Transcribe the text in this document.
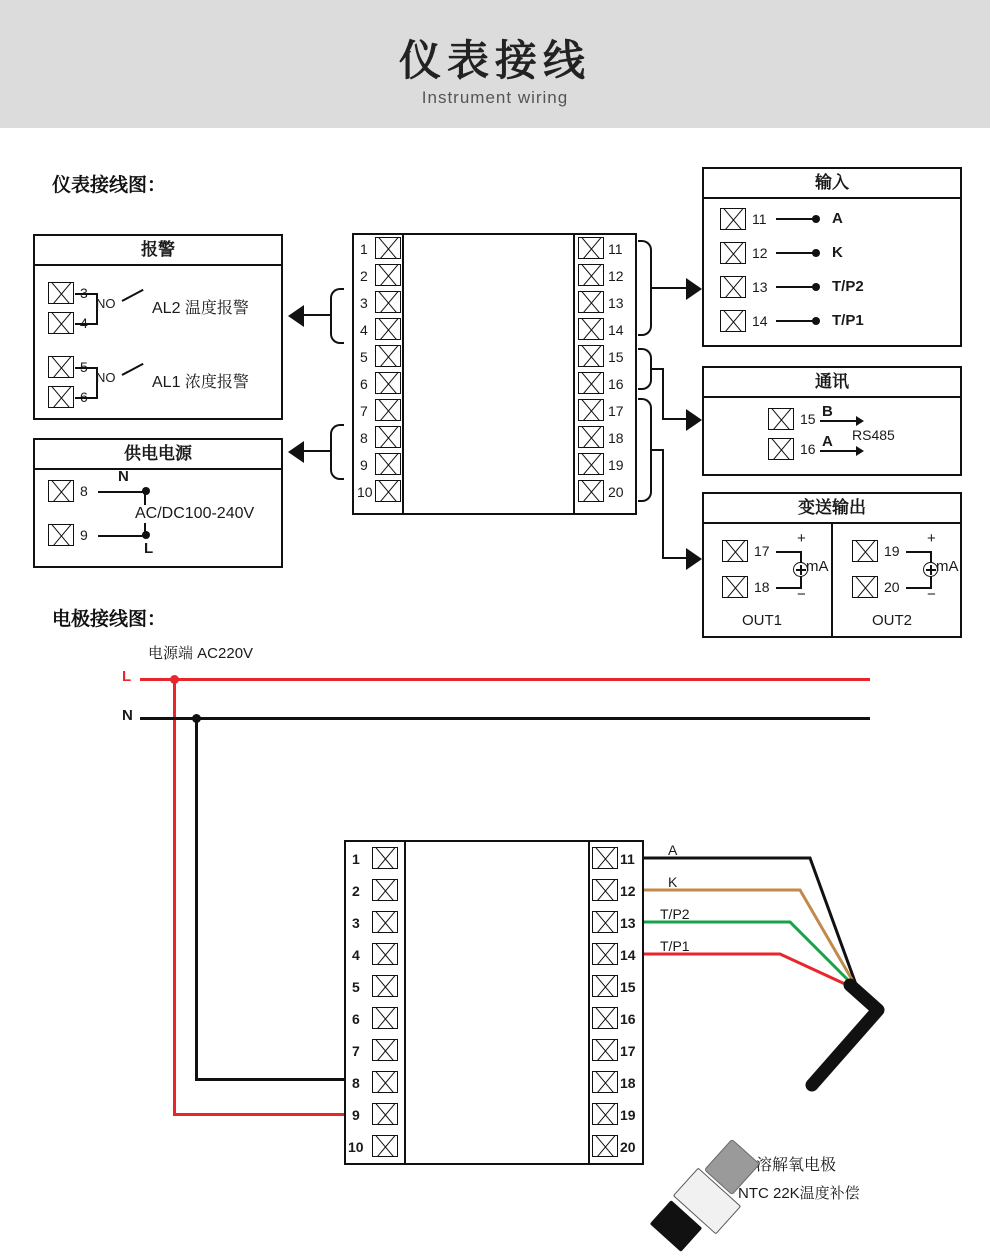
仪表接线
Instrument wiring
仪表接线图：
电极接线图：
报警
NO AL2 温度报警
NO AL1 浓度报警
供电电源
8
9
N
L
AC/DC100-240V
1
2
3
4
5
6
7
8
9
10
11
12
13
14
15
16
17
18
19
20
输入
11	A
12	K
13	T/P2
14	T/P1
通讯
15 B
16 A RS485
变送输出
17
18
+
−
mA
OUT1
19
20
+
−
mA
OUT2
电源端 AC220V
L
N
1
2
3
4
5
6
7
8
9
10
11
12
13
14
15
16
17
18
19
20
A
K
T/P2
T/P1
溶解氧电极
NTC 22K温度补偿
